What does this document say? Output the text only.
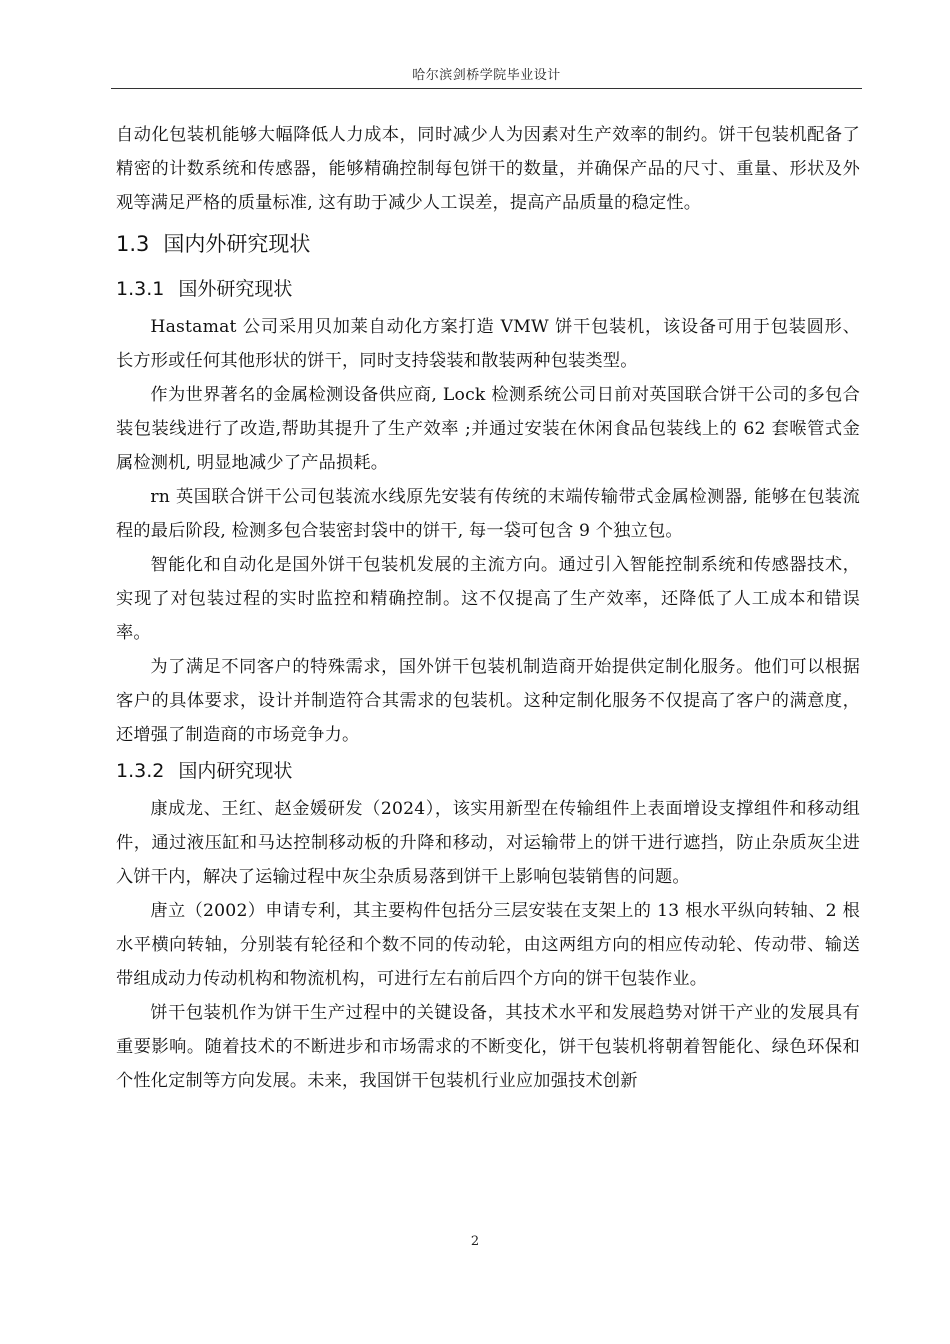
哈尔滨剑桥学院毕业设计

自动化包装机能够大幅降低人力成本，同时减少人为因素对生产效率的制约。饼干包装机配备了精密的计数系统和传感器，能够精确控制每包饼干的数量，并确保产品的尺寸、重量、形状及外观等满足严格的质量标准, 这有助于减少人工误差，提高产品质量的稳定性。

1.3 国内外研究现状
1.3.1 国外研究现状

Hastamat 公司采用贝加莱自动化方案打造 VMW 饼干包装机，该设备可用于包装圆形、 长方形或任何其他形状的饼干，同时支持袋装和散装两种包装类型。

作为世界著名的金属检测设备供应商, Lock 检测系统公司日前对英国联合饼干公司的多包合装包装线进行了改造,帮助其提升了生产效率 ;并通过安装在休闲食品包装线上的 62 套喉管式金属检测机, 明显地减少了产品损耗。

rn 英国联合饼干公司包装流水线原先安装有传统的末端传输带式金属检测器, 能够在包装流程的最后阶段, 检测多包合装密封袋中的饼干, 每一袋可包含 9 个独立包。

智能化和自动化是国外饼干包装机发展的主流方向。通过引入智能控制系统和传感器技术，实现了对包装过程的实时监控和精确控制。这不仅提高了生产效率，还降低了人工成本和错误率。

为了满足不同客户的特殊需求，国外饼干包装机制造商开始提供定制化服务。他们可以根据客户的具体要求，设计并制造符合其需求的包装机。这种定制化服务不仅提高了客户的满意度，还增强了制造商的市场竞争力。

1.3.2 国内研究现状

康成龙、王红、赵金媛研发（2024），该实用新型在传输组件上表面增设支撑组件和移动组件，通过液压缸和马达控制移动板的升降和移动，对运输带上的饼干进行遮挡，防止杂质灰尘进入饼干内，解决了运输过程中灰尘杂质易落到饼干上影响包装销售的问题。

唐立（2002）申请专利，其主要构件包括分三层安装在支架上的 13 根水平纵向转轴、2 根水平横向转轴，分别装有轮径和个数不同的传动轮，由这两组方向的相应传动轮、传动带、输送带组成动力传动机构和物流机构，可进行左右前后四个方向的饼干包装作业。

饼干包装机作为饼干生产过程中的关键设备，其技术水平和发展趋势对饼干产业的发展具有重要影响。随着技术的不断进步和市场需求的不断变化，饼干包装机将朝着智能化、绿色环保和个性化定制等方向发展。未来，我国饼干包装机行业应加强技术创新

2
